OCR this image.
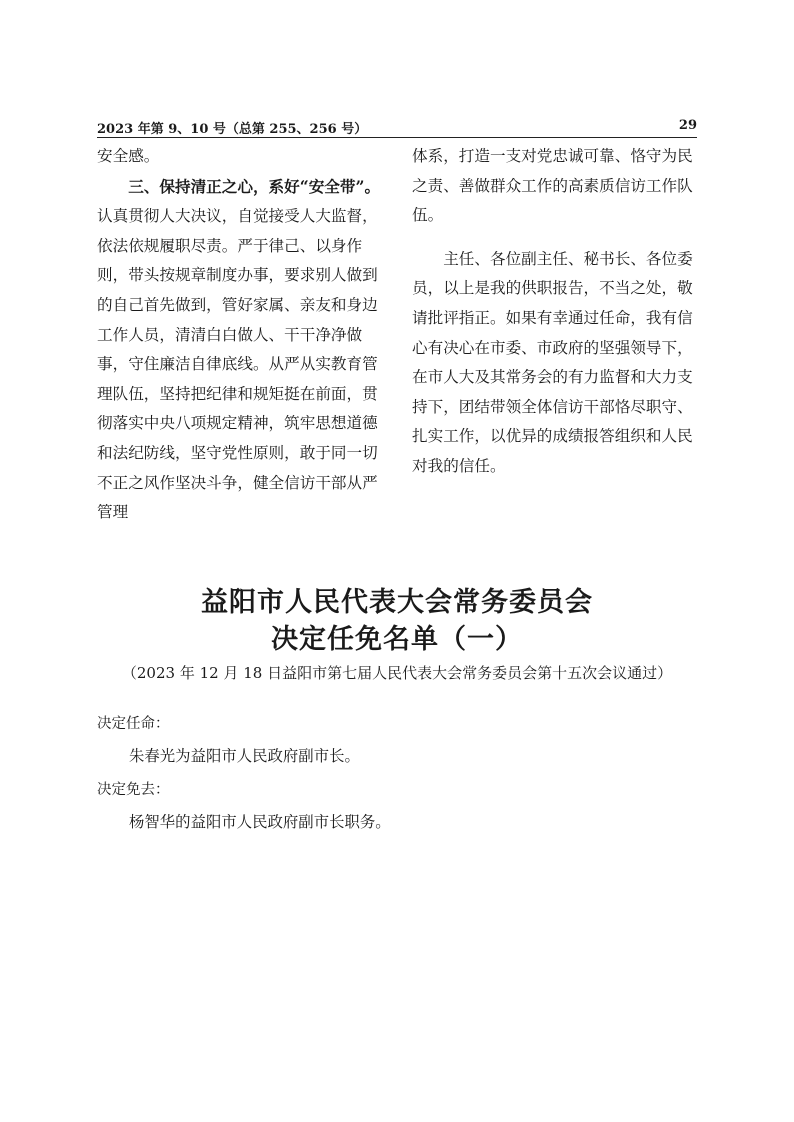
2023 年第 9、10 号（总第 255、256 号）	29

安全感。

三、保持清正之心，系好“安全带”。认真贯彻人大决议，自觉接受人大监督，依法依规履职尽责。严于律己、以身作则，带头按规章制度办事，要求别人做到的自己首先做到，管好家属、亲友和身边工作人员，清清白白做人、干干净净做事，守住廉洁自律底线。从严从实教育管理队伍，坚持把纪律和规矩挺在前面，贯彻落实中央八项规定精神，筑牢思想道德和法纪防线，坚守党性原则，敢于同一切不正之风作坚决斗争，健全信访干部从严管理

体系，打造一支对党忠诚可靠、恪守为民之责、善做群众工作的高素质信访工作队伍。

主任、各位副主任、秘书长、各位委员，以上是我的供职报告，不当之处，敬请批评指正。如果有幸通过任命，我有信心有决心在市委、市政府的坚强领导下，在市人大及其常务会的有力监督和大力支持下，团结带领全体信访干部恪尽职守、扎实工作，以优异的成绩报答组织和人民对我的信任。

益阳市人民代表大会常务委员会
决定任免名单（一）
（2023 年 12 月 18 日益阳市第七届人民代表大会常务委员会第十五次会议通过）
决定任命：
朱春光为益阳市人民政府副市长。
决定免去：
杨智华的益阳市人民政府副市长职务。
